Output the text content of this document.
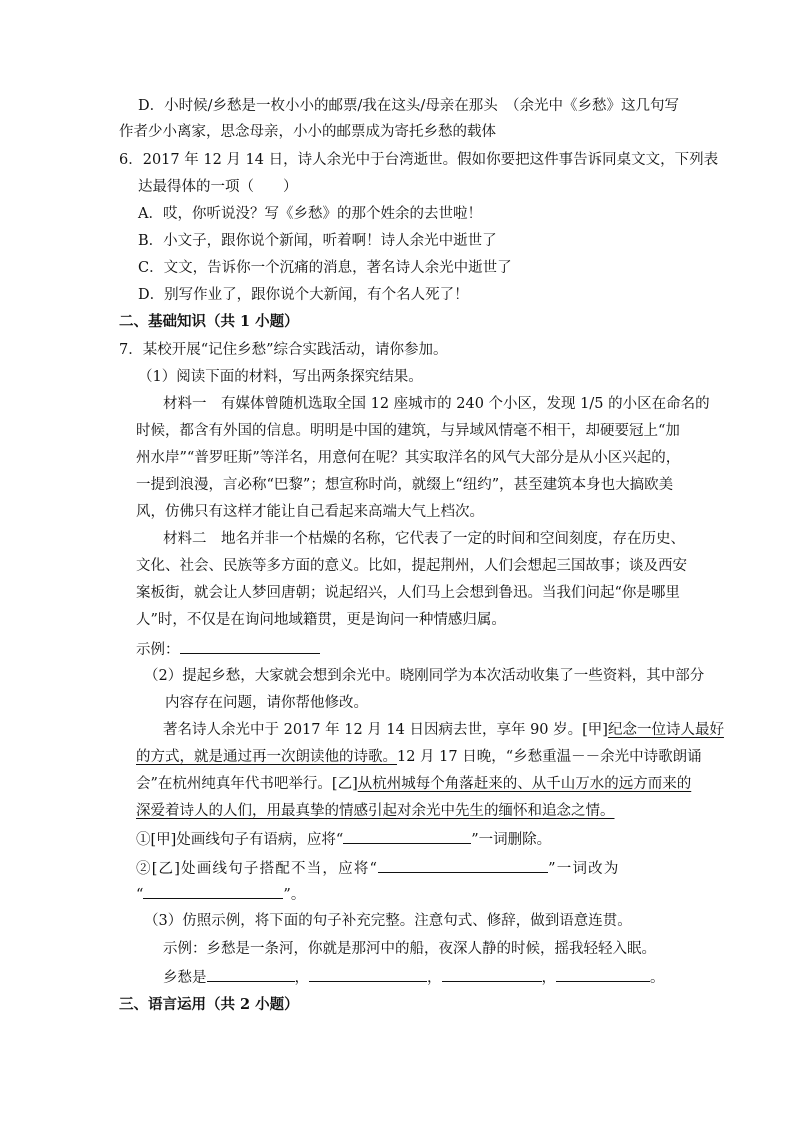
D．小时候/乡愁是一枚小小的邮票/我在这头/母亲在那头　（余光中《乡愁》这几句写
作者少小离家，思念母亲，小小的邮票成为寄托乡愁的载体
6．2017 年 12 月 14 日，诗人余光中于台湾逝世。假如你要把这件事告诉同桌文文，下列表
达最得体的一项（　　）
A．哎，你听说没？写《乡愁》的那个姓余的去世啦！
B．小文子，跟你说个新闻，听着啊！诗人余光中逝世了
C．文文，告诉你一个沉痛的消息，著名诗人余光中逝世了
D．别写作业了，跟你说个大新闻，有个名人死了！
二、基础知识（共 1 小题）
7．某校开展“记住乡愁”综合实践活动，请你参加。
（1）阅读下面的材料，写出两条探究结果。
材料一　有媒体曾随机选取全国 12 座城市的 240 个小区，发现 1/5 的小区在命名的
时候，都含有外国的信息。明明是中国的建筑，与异域风情毫不相干，却硬要冠上“加
州水岸”“普罗旺斯”等洋名，用意何在呢？其实取洋名的风气大部分是从小区兴起的，
一提到浪漫，言必称“巴黎”；想宣称时尚，就缀上“纽约”，甚至建筑本身也大搞欧美
风，仿佛只有这样才能让自己看起来高端大气上档次。
材料二　地名并非一个枯燥的名称，它代表了一定的时间和空间刻度，存在历史、
文化、社会、民族等多方面的意义。比如，提起荆州，人们会想起三国故事；谈及西安
案板街，就会让人梦回唐朝；说起绍兴，人们马上会想到鲁迅。当我们问起“你是哪里
人”时，不仅是在询问地域籍贯，更是询问一种情感归属。
示例：
（2）提起乡愁，大家就会想到余光中。晓刚同学为本次活动收集了一些资料，其中部分
内容存在问题，请你帮他修改。
著名诗人余光中于 2017 年 12 月 14 日因病去世，享年 90 岁。[甲]纪念一位诗人最好
的方式，就是通过再一次朗读他的诗歌。12 月 17 日晚，“乡愁重温－－余光中诗歌朗诵
会”在杭州纯真年代书吧举行。[乙]从杭州城每个角落赶来的、从千山万水的远方而来的
深爱着诗人的人们，用最真挚的情感引起对余光中先生的缅怀和追念之情。
①[甲]处画线句子有语病，应将“	”一词删除。
②[乙]处画线句子搭配不当，应将“	”一词改为
“	”。
（3）仿照示例，将下面的句子补充完整。注意句式、修辞，做到语意连贯。
示例：乡愁是一条河，你就是那河中的船，夜深人静的时候，摇我轻轻入眠。
乡愁是	，	，	，	。
三、语言运用（共 2 小题）
